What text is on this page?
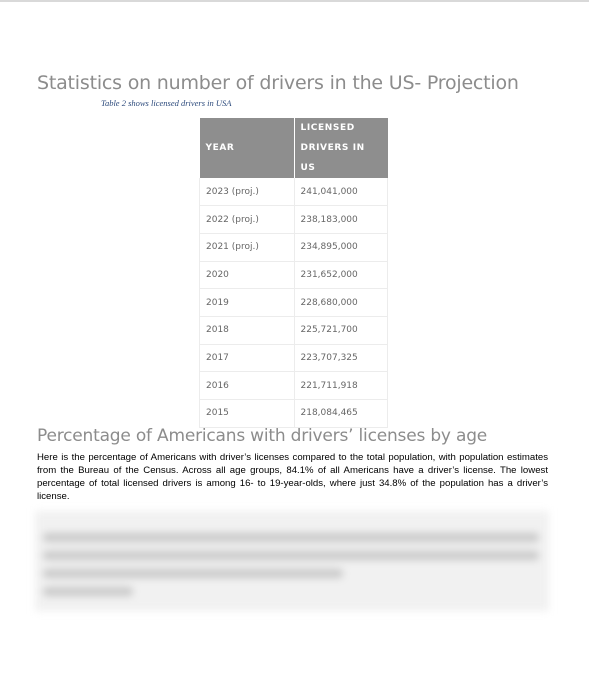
Statistics on number of drivers in the US- Projection
Table 2 shows licensed drivers in USA
YEAR	LICENSED
DRIVERS IN US
2023 (proj.)	241,041,000
2022 (proj.)	238,183,000
2021 (proj.)	234,895,000
2020	231,652,000
2019	228,680,000
2018	225,721,700
2017	223,707,325
2016	221,711,918
2015	218,084,465
Percentage of Americans with drivers’ licenses by age
Here is the percentage of Americans with driver’s licenses compared to the total population, with population estimates from the Bureau of the Census. Across all age groups, 84.1% of all Americans have a driver’s license. The lowest percentage of total licensed drivers is among 16- to 19-year-olds, where just 34.8% of the population has a driver’s license.
